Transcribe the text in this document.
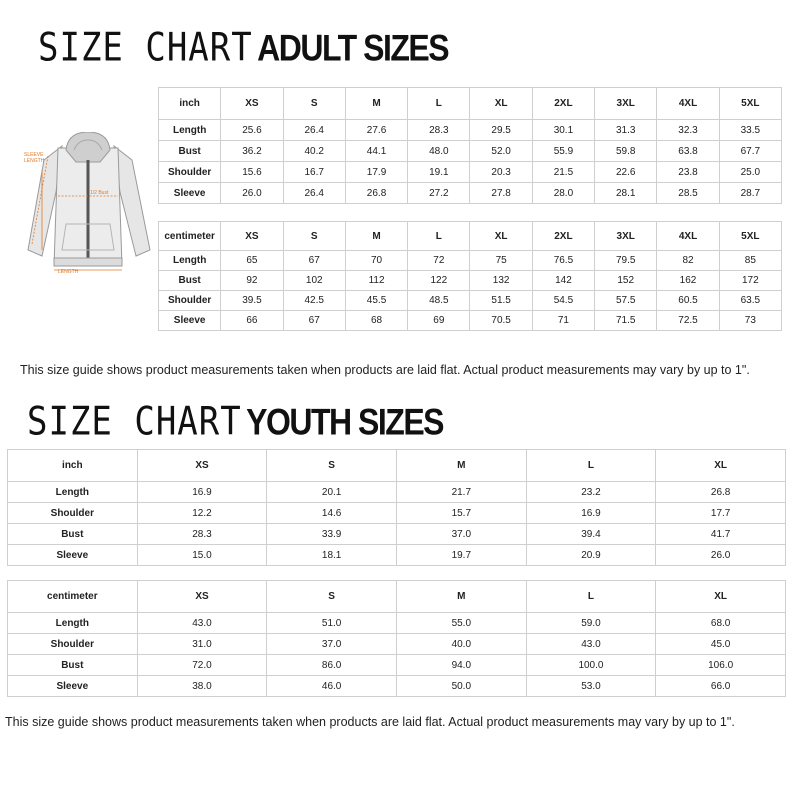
SIZE CHART ADULT SIZES
SLEEVE
LENGTH
1/2 Bust
LENGTH
inch	XS	S	M	L	XL	2XL	3XL	4XL	5XL
Length	25.6	26.4	27.6	28.3	29.5	30.1	31.3	32.3	33.5
Bust	36.2	40.2	44.1	48.0	52.0	55.9	59.8	63.8	67.7
Shoulder	15.6	16.7	17.9	19.1	20.3	21.5	22.6	23.8	25.0
Sleeve	26.0	26.4	26.8	27.2	27.8	28.0	28.1	28.5	28.7
centimeter	XS	S	M	L	XL	2XL	3XL	4XL	5XL
Length	65	67	70	72	75	76.5	79.5	82	85
Bust	92	102	112	122	132	142	152	162	172
Shoulder	39.5	42.5	45.5	48.5	51.5	54.5	57.5	60.5	63.5
Sleeve	66	67	68	69	70.5	71	71.5	72.5	73
This size guide shows product measurements taken when products are laid flat. Actual product measurements may vary by up to 1".
SIZE CHART YOUTH SIZES
inch	XS	S	M	L	XL
Length	16.9	20.1	21.7	23.2	26.8
Shoulder	12.2	14.6	15.7	16.9	17.7
Bust	28.3	33.9	37.0	39.4	41.7
Sleeve	15.0	18.1	19.7	20.9	26.0
centimeter	XS	S	M	L	XL
Length	43.0	51.0	55.0	59.0	68.0
Shoulder	31.0	37.0	40.0	43.0	45.0
Bust	72.0	86.0	94.0	100.0	106.0
Sleeve	38.0	46.0	50.0	53.0	66.0
This size guide shows product measurements taken when products are laid flat. Actual product measurements may vary by up to 1".
